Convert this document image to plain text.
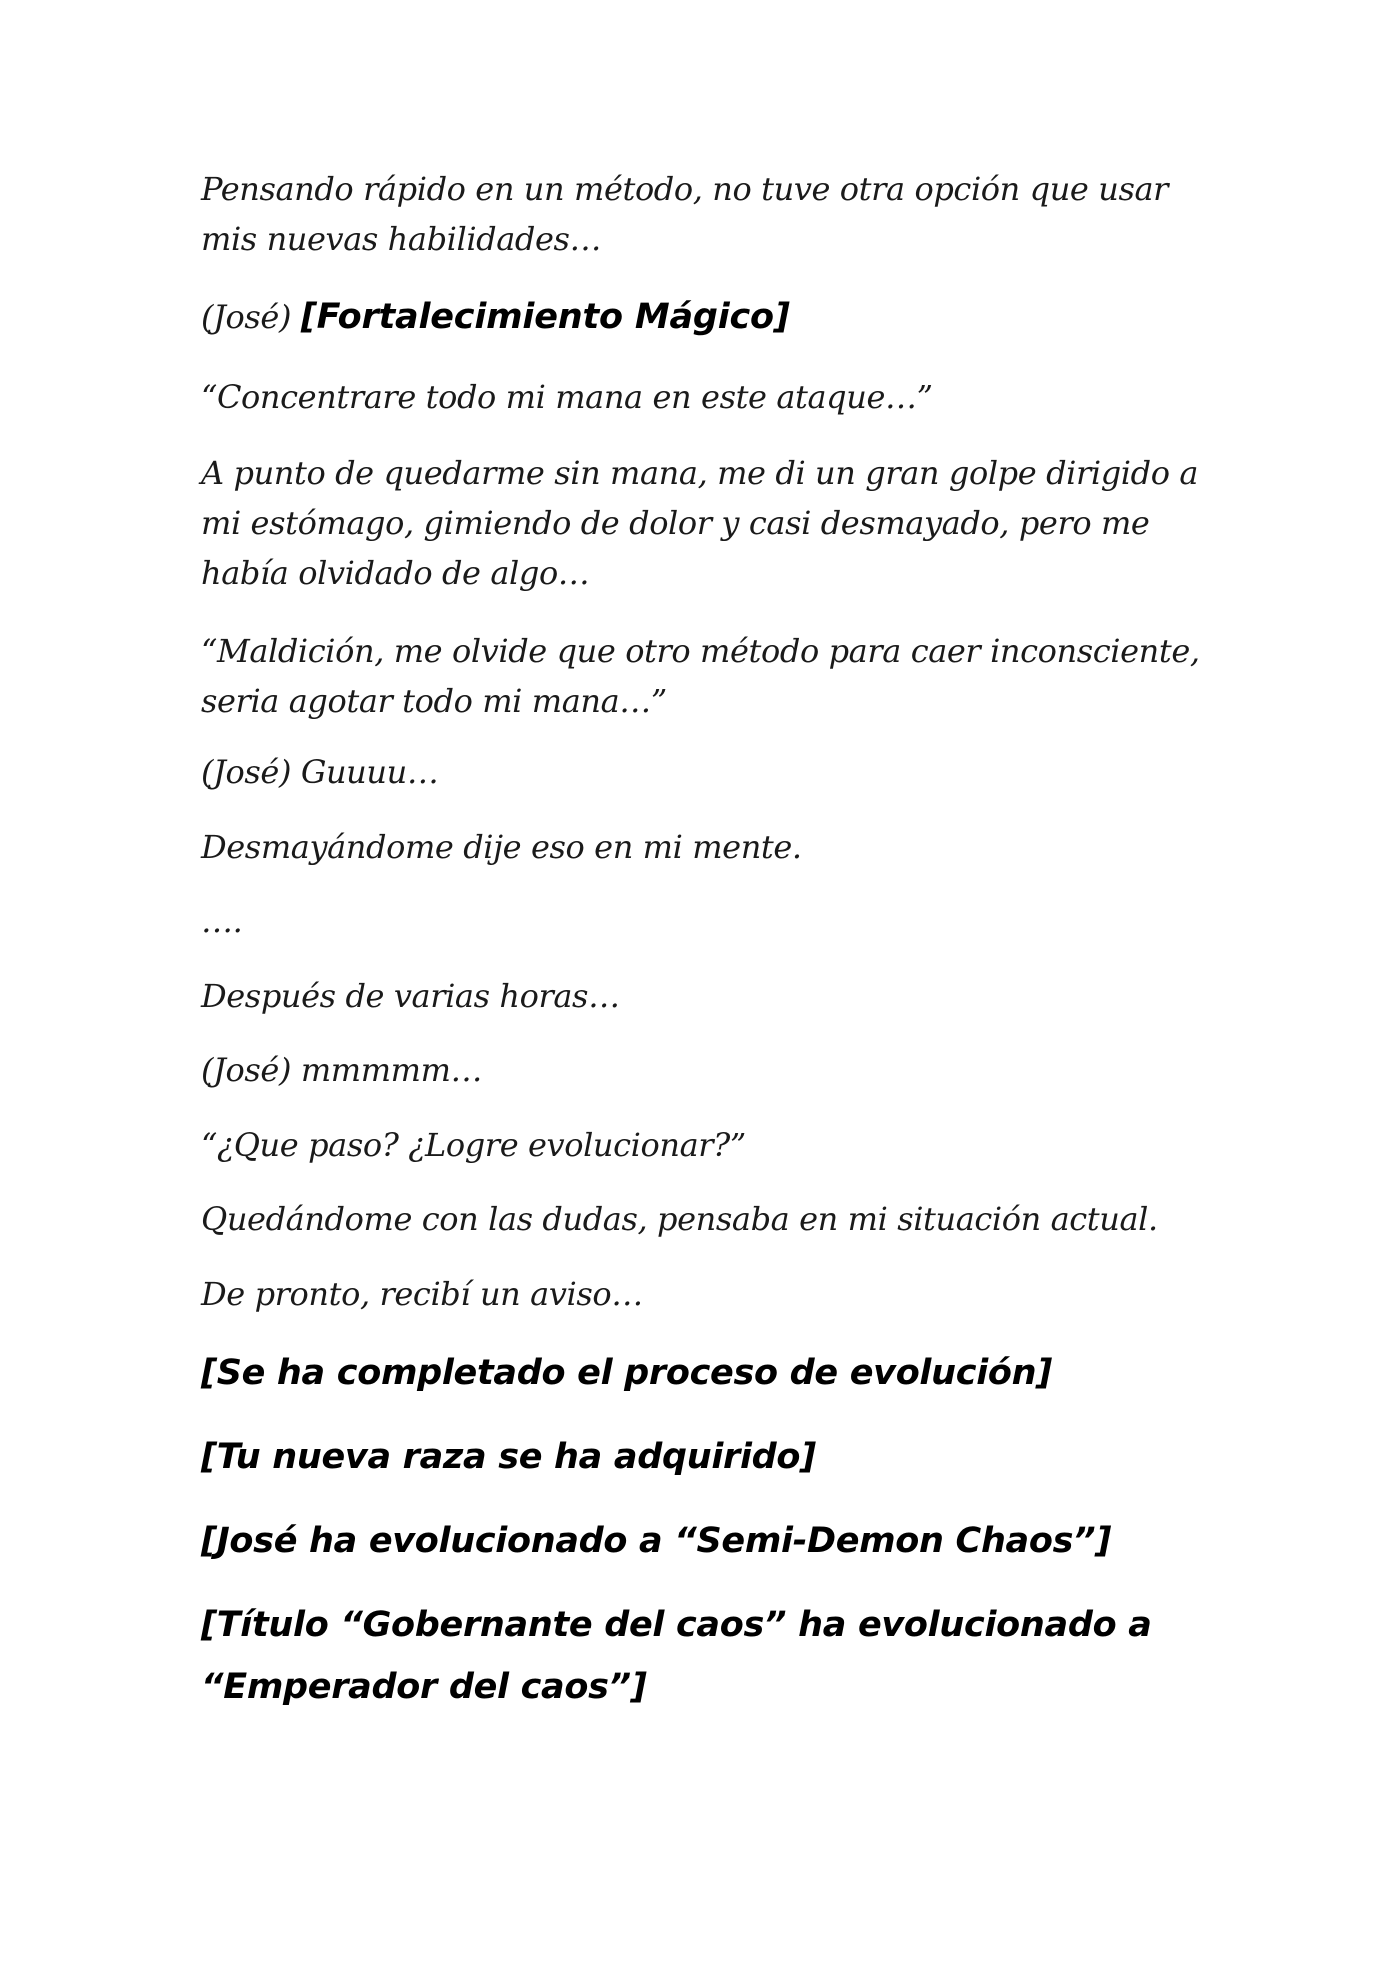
Pensando rápido en un método, no tuve otra opción que usar mis nuevas habilidades…

(José) [Fortalecimiento Mágico]

“Concentrare todo mi mana en este ataque…”

A punto de quedarme sin mana, me di un gran golpe dirigido a mi estómago, gimiendo de dolor y casi desmayado, pero me había olvidado de algo…

“Maldición, me olvide que otro método para caer inconsciente, seria agotar todo mi mana…”

(José) Guuuu…

Desmayándome dije eso en mi mente.

….

Después de varias horas…

(José) mmmmm…

“¿Que paso? ¿Logre evolucionar?”

Quedándome con las dudas, pensaba en mi situación actual.

De pronto, recibí un aviso…

[Se ha completado el proceso de evolución]

[Tu nueva raza se ha adquirido]

[José ha evolucionado a “Semi-Demon Chaos”]

[Título “Gobernante del caos” ha evolucionado a “Emperador del caos”]
